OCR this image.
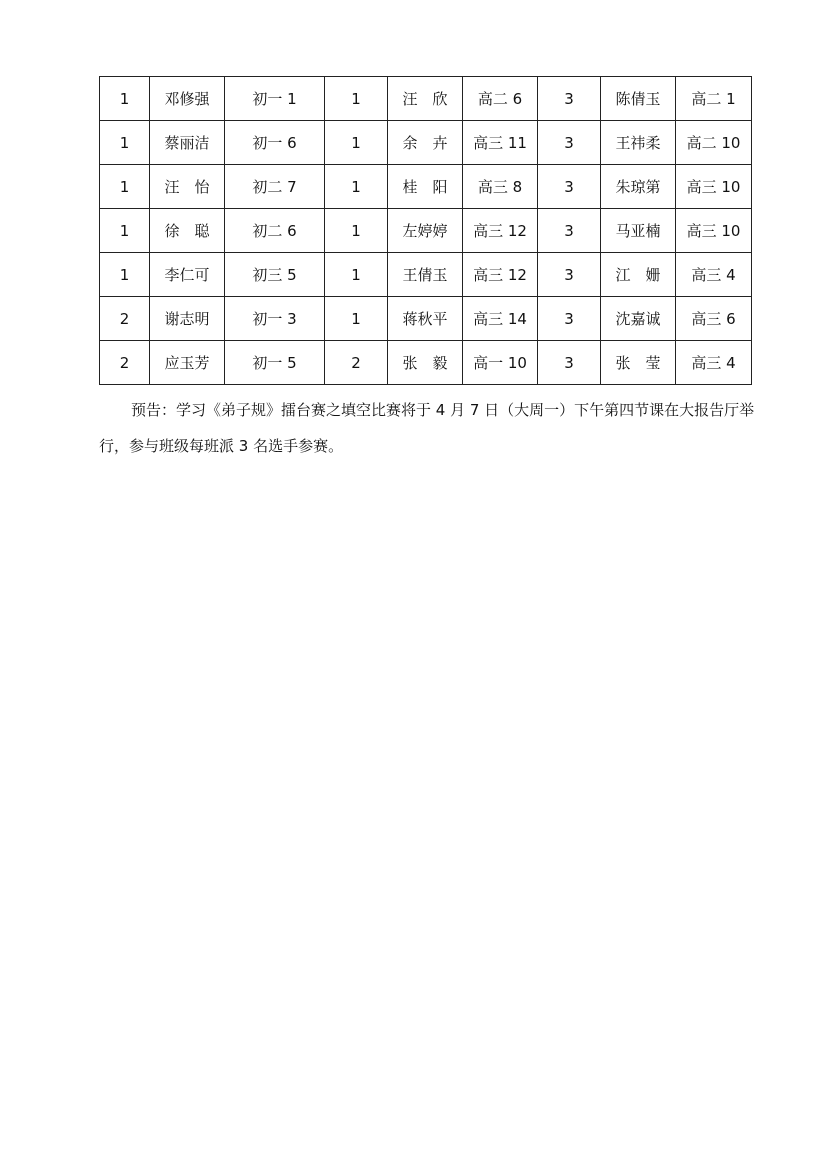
1	邓修强	初一 1	1	汪　欣	高二 6	3	陈倩玉	高二 1
1	蔡丽洁	初一 6	1	余　卉	高三 11	3	王祎柔	高二 10
1	汪　怡	初二 7	1	桂　阳	高三 8	3	朱琼第	高三 10
1	徐　聪	初二 6	1	左婷婷	高三 12	3	马亚楠	高三 10
1	李仁可	初三 5	1	王倩玉	高三 12	3	江　姗	高三 4
2	谢志明	初一 3	1	蒋秋平	高三 14	3	沈嘉诚	高三 6
2	应玉芳	初一 5	2	张　毅	高一 10	3	张　莹	高三 4

预告：学习《弟子规》擂台赛之填空比赛将于 4 月 7 日（大周一）下午第四节课在大报告厅举行，参与班级每班派 3 名选手参赛。
